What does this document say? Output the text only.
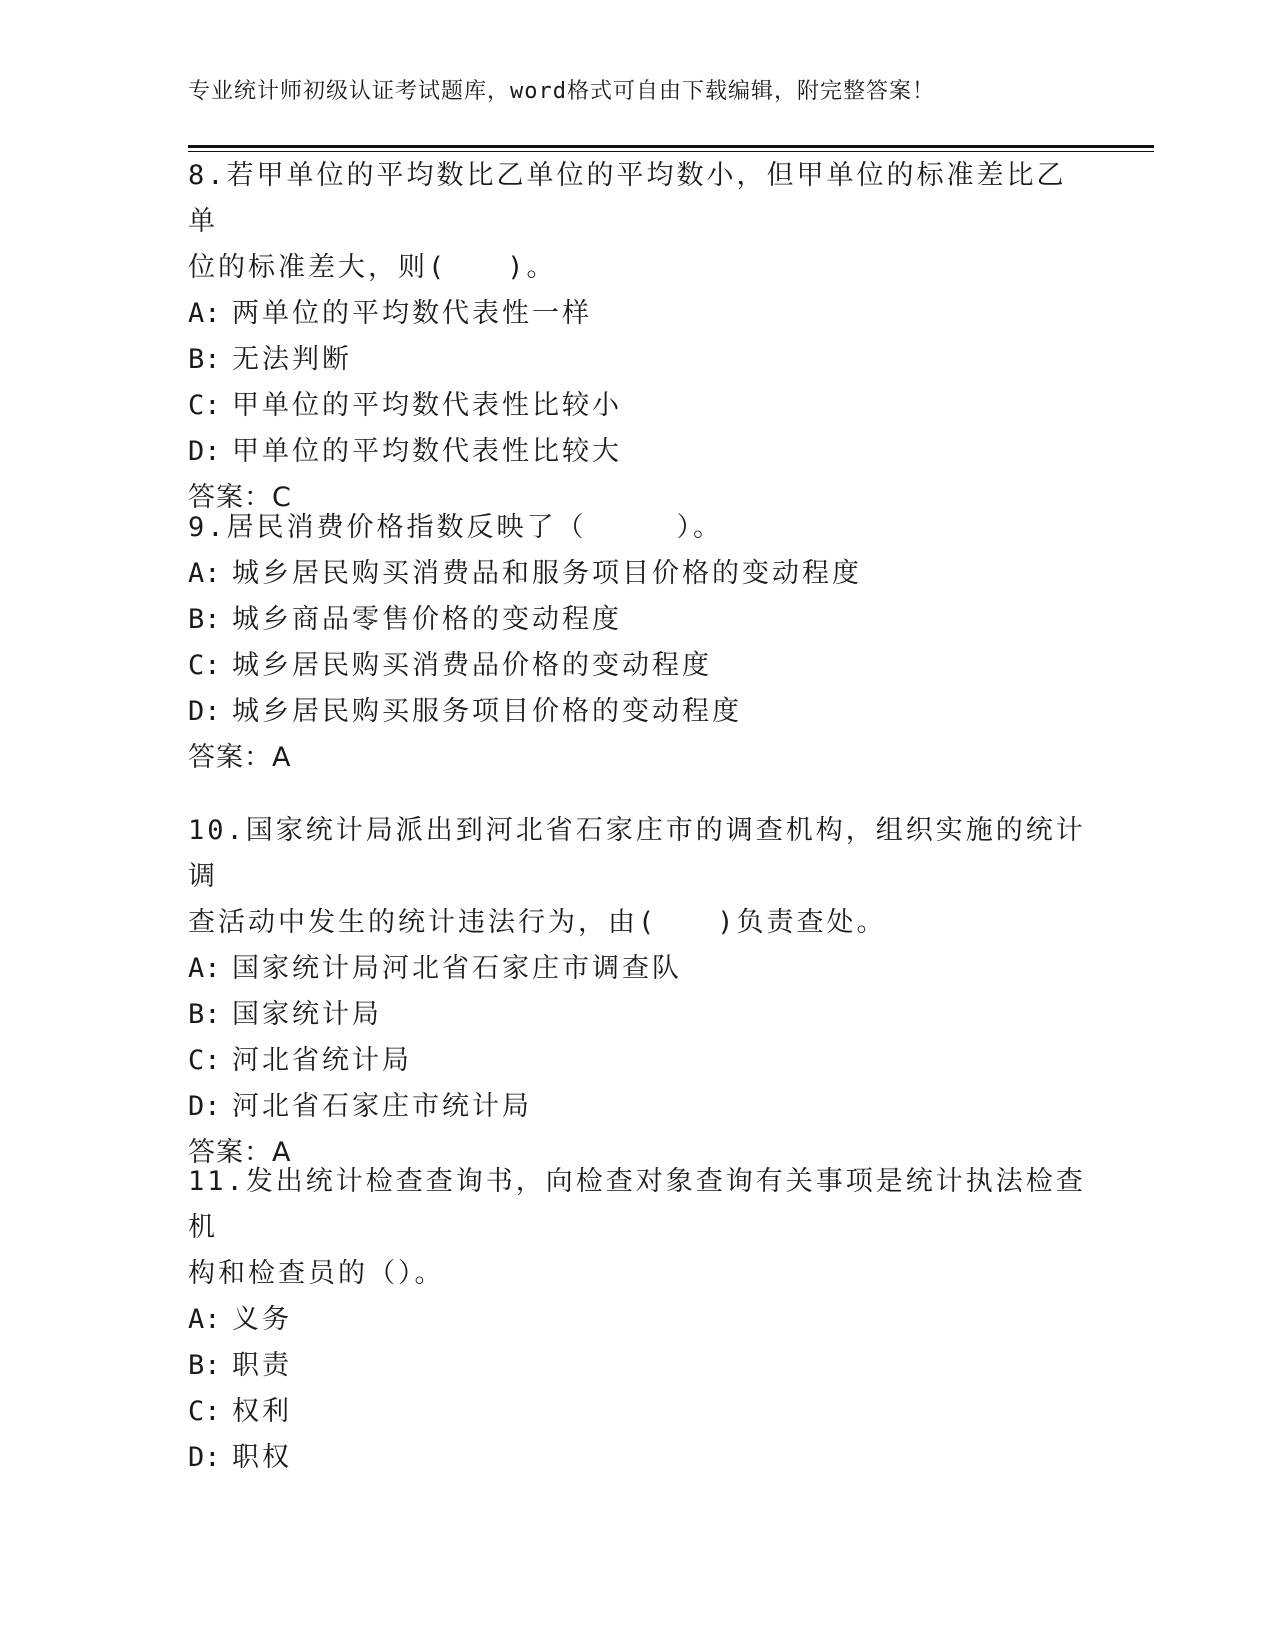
专业统计师初级认证考试题库，word格式可自由下载编辑，附完整答案！
8.若甲单位的平均数比乙单位的平均数小，但甲单位的标准差比乙单
位的标准差大，则(　　)。
A: 两单位的平均数代表性一样
B: 无法判断
C: 甲单位的平均数代表性比较小
D: 甲单位的平均数代表性比较大
答案：C
9.居民消费价格指数反映了（　　　）。
A: 城乡居民购买消费品和服务项目价格的变动程度
B: 城乡商品零售价格的变动程度
C: 城乡居民购买消费品价格的变动程度
D: 城乡居民购买服务项目价格的变动程度
答案：A
10.国家统计局派出到河北省石家庄市的调查机构，组织实施的统计调
查活动中发生的统计违法行为，由(　　)负责查处。
A: 国家统计局河北省石家庄市调查队
B: 国家统计局
C: 河北省统计局
D: 河北省石家庄市统计局
答案：A
11.发出统计检查查询书，向检查对象查询有关事项是统计执法检查机
构和检查员的（）。
A: 义务
B: 职责
C: 权利
D: 职权
